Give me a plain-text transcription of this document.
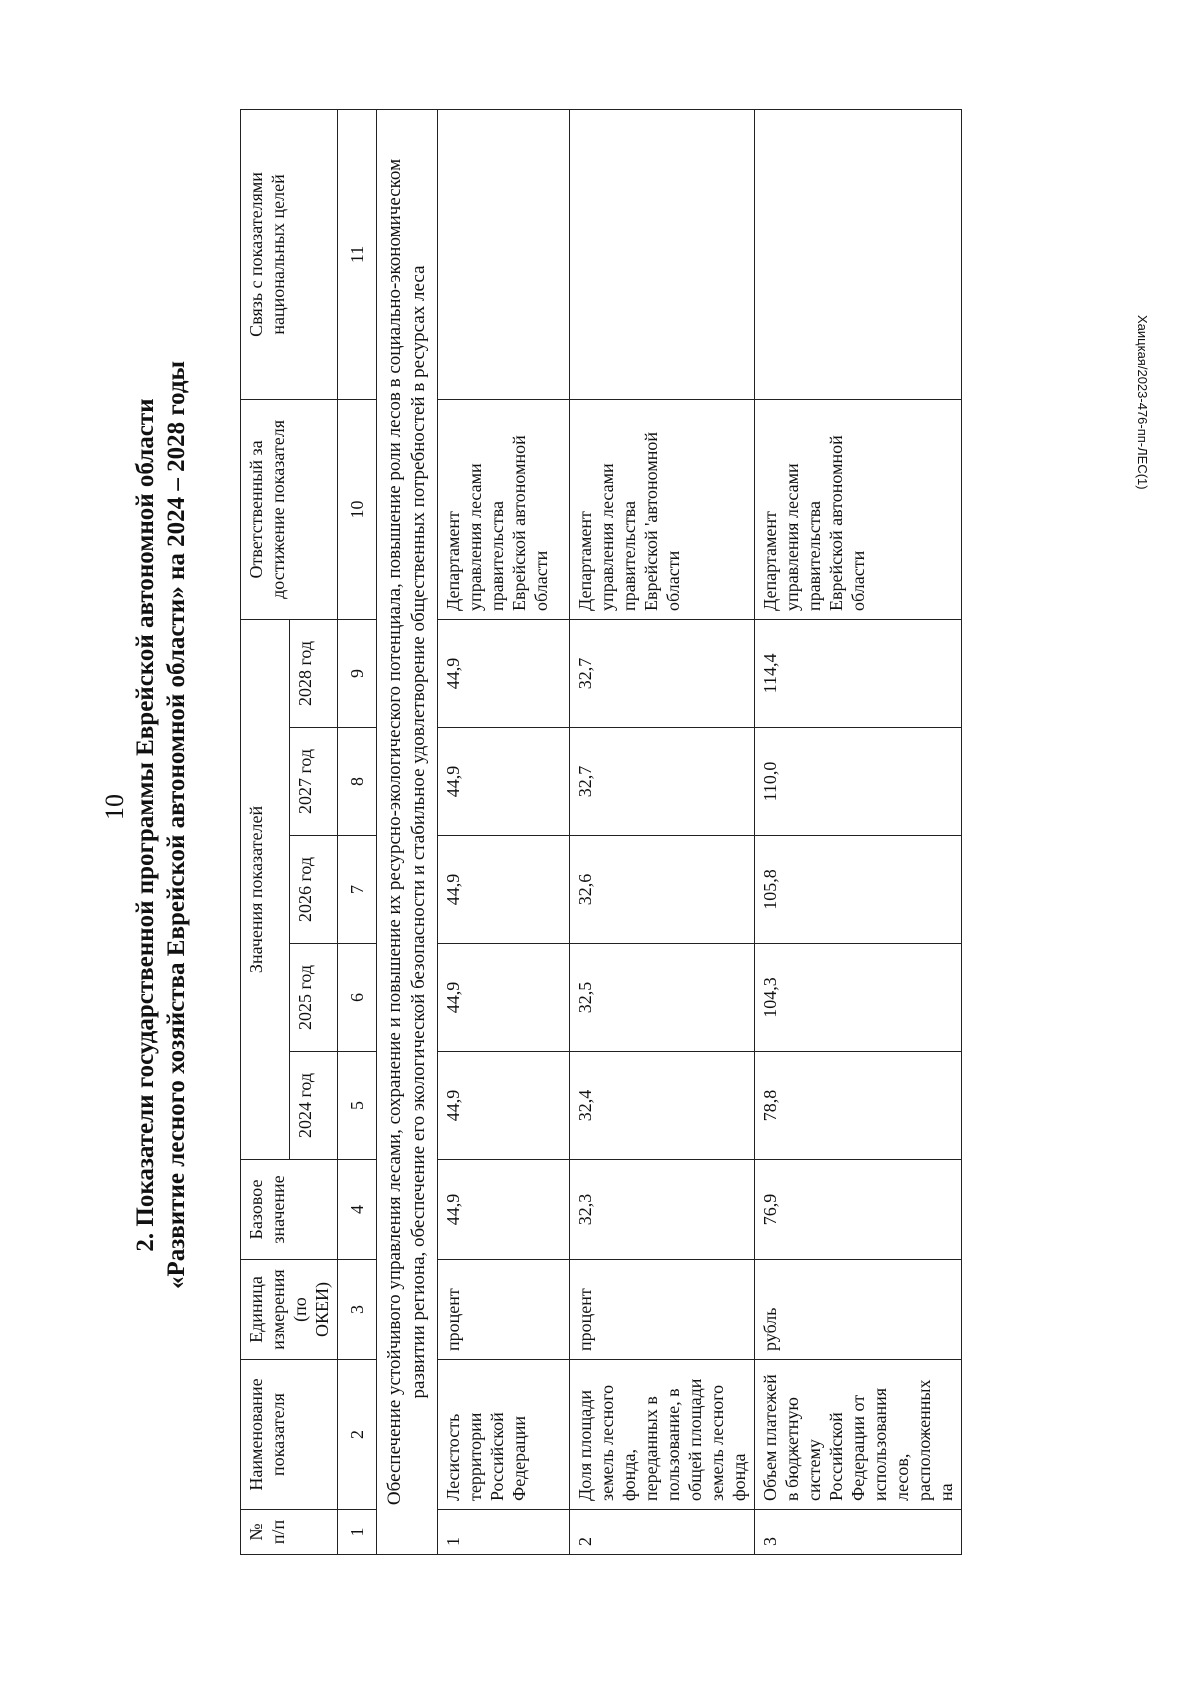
10 2. Показатели государственной программы Еврейской автономной области «Развитие лесного хозяйства Еврейской автономной области» на 2024 – 2028 годы
№ п/п	Наименование показателя	Единица измерения (по ОКЕИ)	Базовое значение	Значения показателей					Ответственный за достижение показателя	Связь с показателями национальных целей
				2024 год	2025 год	2026 год	2027 год	2028 год		
1	2	3	4	5	6	7	8	9	10	11
Обеспечение устойчивого управления лесами, сохранение и повышение их ресурсно-экологического потенциала, повышение роли лесов в социально-экономическом развитии региона, обеспечение его экологической безопасности и стабильное удовлетворение общественных потребностей в ресурсах леса										
1	Лесистость территории Российской Федерации	процент	44,9	44,9	44,9	44,9	44,9	44,9	Департамент управления лесами правительства Еврейской автономной области	

2	Доля площади земель лесного фонда, переданных в пользование, в общей площади земель лесного фонда	процент	32,3	32,4	32,5	32,6	32,7	32,7	Департамент управления лесами правительства Еврейской 'автономной области	

3	Объем платежей в бюджетную систему Российской Федерации от использования лесов, расположенных на	рубль	76,9	78,8	104,3	105,8	110,0	114,4	Департамент управления лесами правительства Еврейской автономной области	

Хаицкая/2023-476-пп-ЛЕС(1)
